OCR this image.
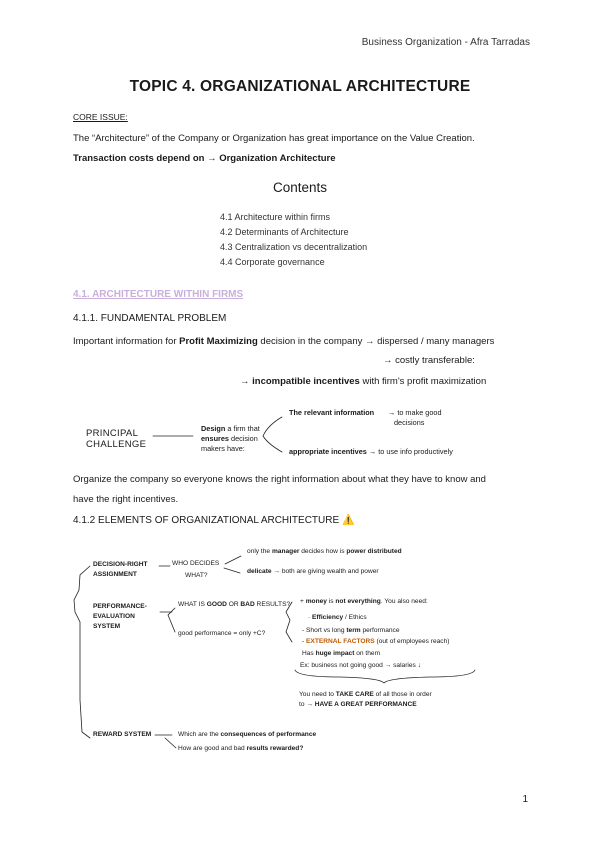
Business Organization - Afra Tarradas
TOPIC 4. ORGANIZATIONAL ARCHITECTURE
CORE ISSUE:
The “Architecture” of the Company or Organization has great importance on the Value Creation.
Transaction costs depend on → Organization Architecture
Contents
4.1 Architecture within firms
4.2 Determinants of Architecture
4.3 Centralization vs decentralization
4.4 Corporate governance
4.1. ARCHITECTURE WITHIN FIRMS
4.1.1. FUNDAMENTAL PROBLEM
Important information for Profit Maximizing decision in the company → dispersed / many managers
→ costly transferable:
→ incompatible incentives with firm's profit maximization
PRINCIPAL
CHALLENGE
Design a firm that
ensures decision
makers have:
The relevant information → to make good
decisions
appropriate incentives → to use info productively
Organize the company so everyone knows the right information about what they have to know and
have the right incentives.
4.1.2 ELEMENTS OF ORGANIZATIONAL ARCHITECTURE ⚠️
DECISION-RIGHT
ASSIGNMENT
WHO DECIDES
WHAT?
only the manager decides how is power distributed
delicate → both are giving wealth and power
PERFORMANCE-
EVALUATION
SYSTEM
WHAT IS GOOD OR BAD RESULTS?
good performance = only +C?
+ money is not everything. You also need:
· Efficiency / Ethics
- Short vs long term performance
- EXTERNAL FACTORS (out of employees reach)
Has huge impact on them
Ex: business not going good → salaries ↓
You need to TAKE CARE of all those in order
to → HAVE A GREAT PERFORMANCE
REWARD SYSTEM	Which are the consequences of performance
How are good and bad results rewarded?
1
